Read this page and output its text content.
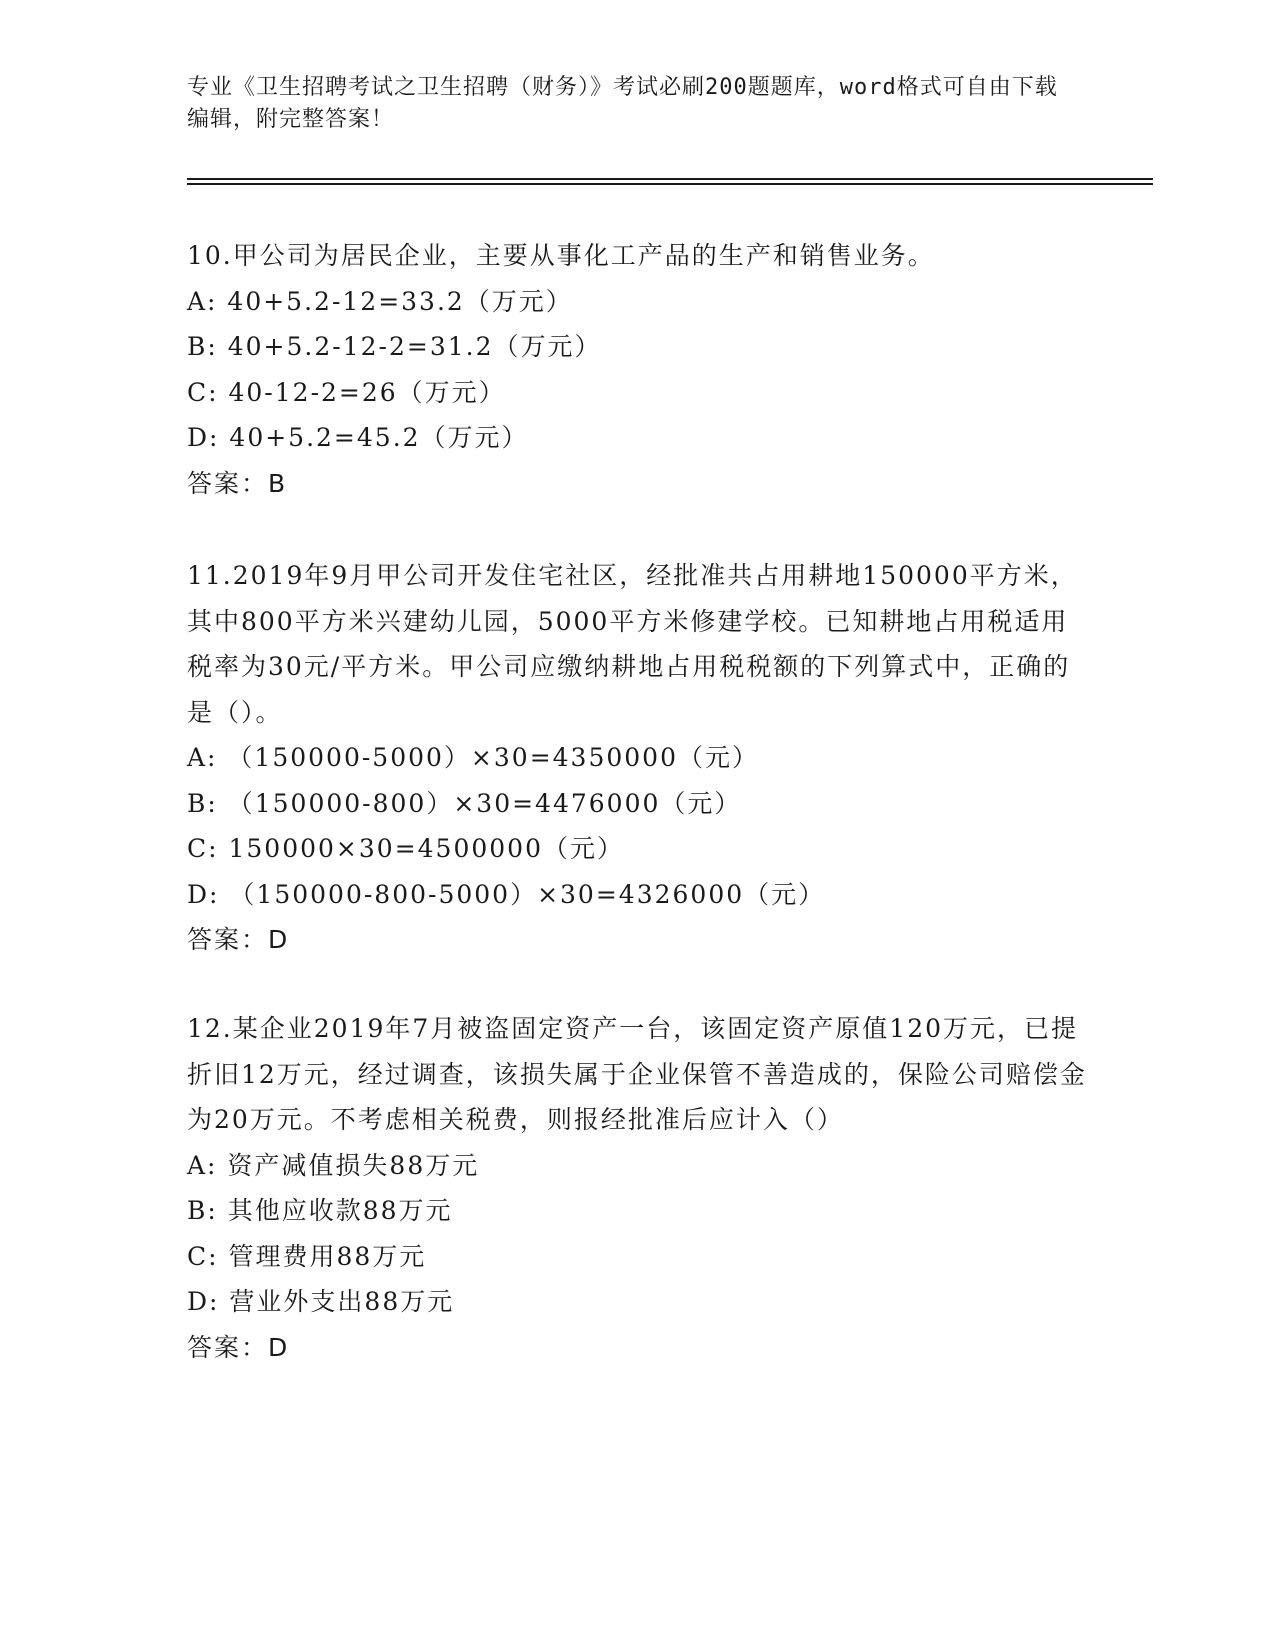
专业《卫生招聘考试之卫生招聘（财务）》考试必刷200题题库，word格式可自由下载编辑，附完整答案！

10.甲公司为居民企业，主要从事化工产品的生产和销售业务。

A: 40+5.2-12=33.2（万元）

B: 40+5.2-12-2=31.2（万元）

C: 40-12-2=26（万元）

D: 40+5.2=45.2（万元）

答案：B

11.2019年9月甲公司开发住宅社区，经批准共占用耕地150000平方米，其中800平方米兴建幼儿园，5000平方米修建学校。已知耕地占用税适用税率为30元/平方米。甲公司应缴纳耕地占用税税额的下列算式中，正确的是（）。

A: （150000-5000）×30=4350000（元）

B: （150000-800）×30=4476000（元）

C: 150000×30=4500000（元）

D: （150000-800-5000）×30=4326000（元）

答案：D

12.某企业2019年7月被盗固定资产一台，该固定资产原值120万元，已提折旧12万元，经过调查，该损失属于企业保管不善造成的，保险公司赔偿金为20万元。不考虑相关税费，则报经批准后应计入（）

A: 资产减值损失88万元

B: 其他应收款88万元

C: 管理费用88万元

D: 营业外支出88万元

答案：D
